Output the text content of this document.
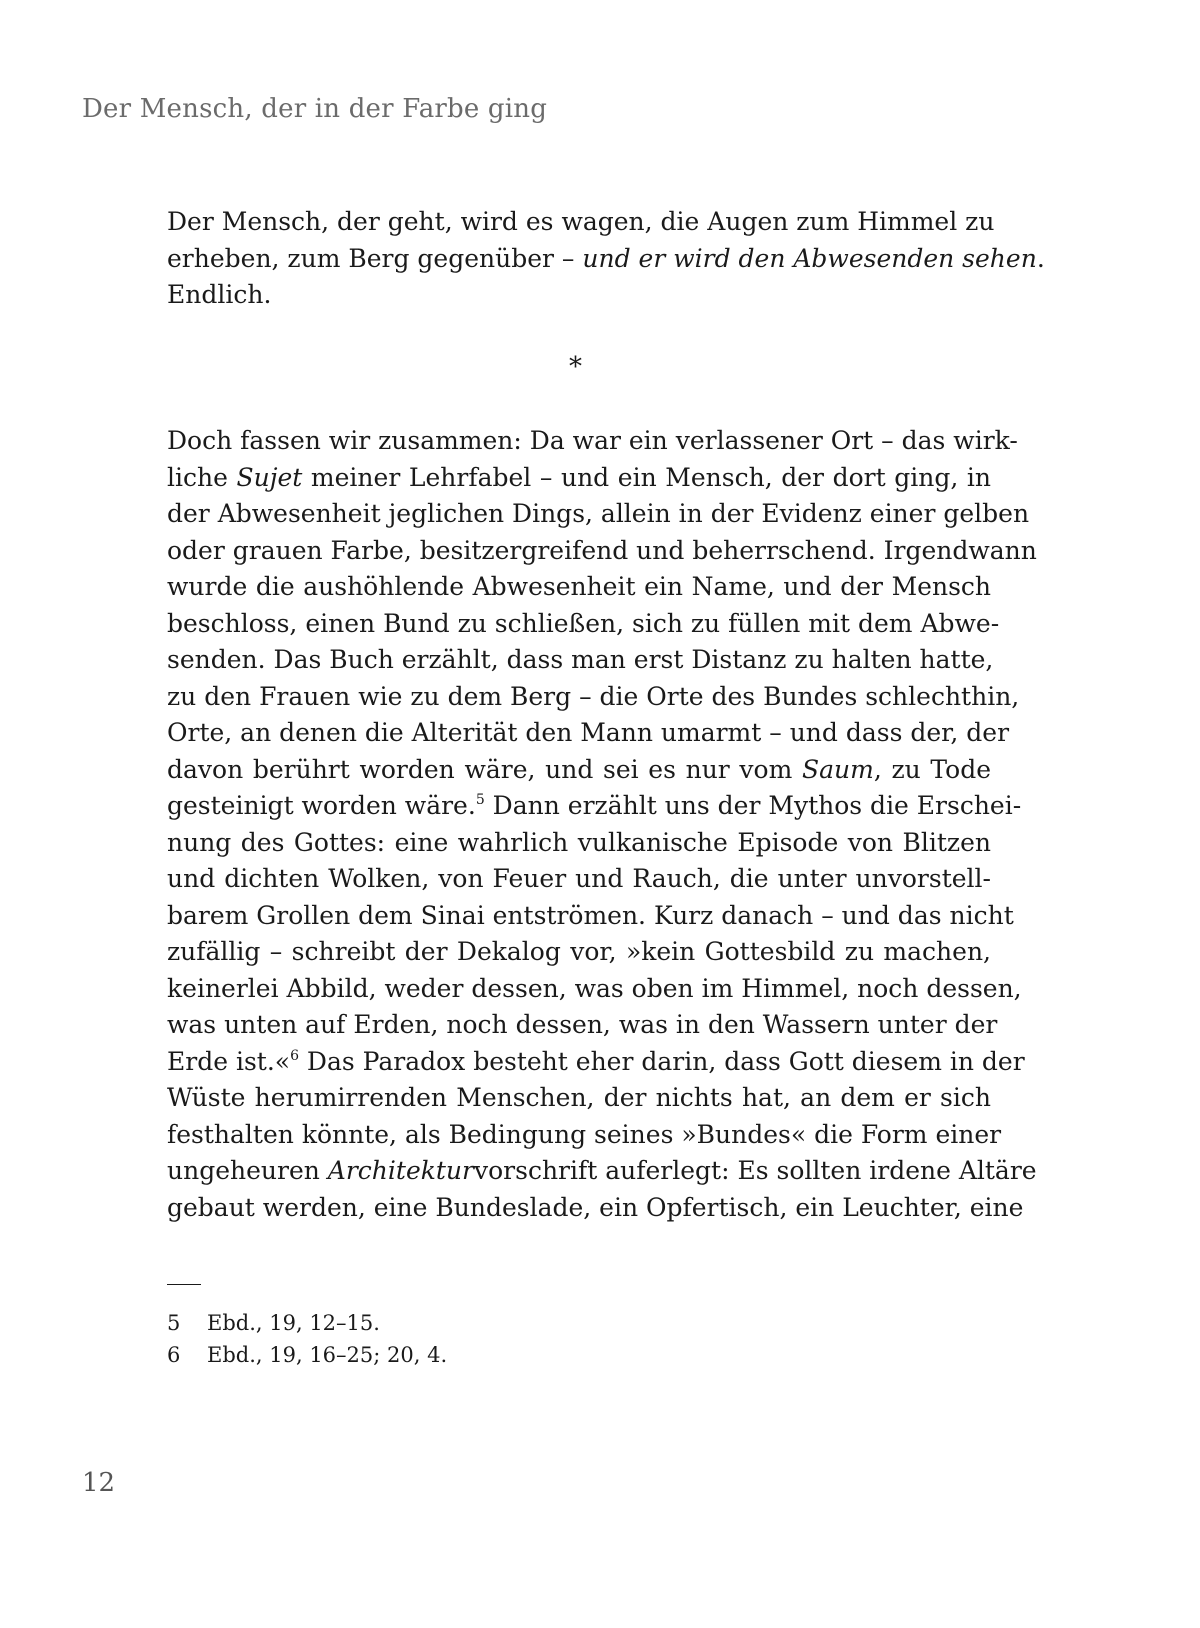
Der Mensch, der in der Farbe ging
Der Mensch, der geht, wird es wagen, die Augen zum Himmel zu
erheben, zum Berg gegenüber – und er wird den Abwesenden sehen.
Endlich.
*
Doch fassen wir zusammen: Da war ein verlassener Ort – das wirk-
liche Sujet meiner Lehrfabel – und ein Mensch, der dort ging, in
der Abwesenheit jeglichen Dings, allein in der Evidenz einer gelben
oder grauen Farbe, besitzergreifend und beherrschend. Irgendwann
wurde die aushöhlende Abwesenheit ein Name, und der Mensch
beschloss, einen Bund zu schließen, sich zu füllen mit dem Abwe-
senden. Das Buch erzählt, dass man erst Distanz zu halten hatte,
zu den Frauen wie zu dem Berg – die Orte des Bundes schlechthin,
Orte, an denen die Alterität den Mann umarmt – und dass der, der
davon berührt worden wäre, und sei es nur vom Saum, zu Tode
gesteinigt worden wäre.$^5$ Dann erzählt uns der Mythos die Erschei-
nung des Gottes: eine wahrlich vulkanische Episode von Blitzen
und dichten Wolken, von Feuer und Rauch, die unter unvorstell-
barem Grollen dem Sinai entströmen. Kurz danach – und das nicht
zufällig – schreibt der Dekalog vor, »kein Gottesbild zu machen,
keinerlei Abbild, weder dessen, was oben im Himmel, noch dessen,
was unten auf Erden, noch dessen, was in den Wassern unter der
Erde ist.«$^6$ Das Paradox besteht eher darin, dass Gott diesem in der
Wüste herumirrenden Menschen, der nichts hat, an dem er sich
festhalten könnte, als Bedingung seines »Bundes« die Form einer
ungeheuren Architekturvorschrift auferlegt: Es sollten irdene Altäre
gebaut werden, eine Bundeslade, ein Opfertisch, ein Leuchter, eine
5	Ebd., 19, 12–15.
6	Ebd., 19, 16–25; 20, 4.
12
